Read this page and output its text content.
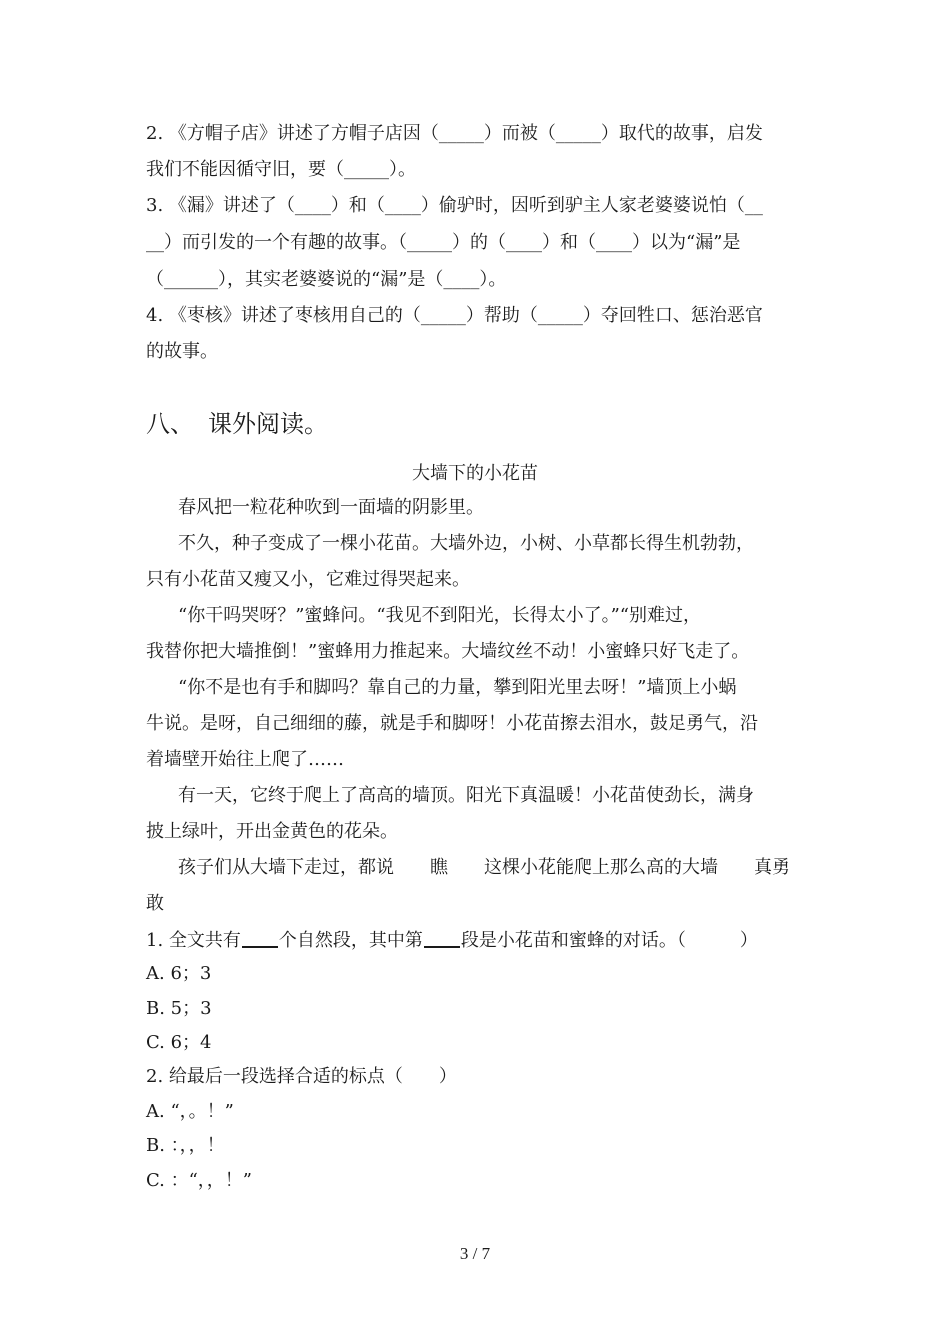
2. 《方帽子店》讲述了方帽子店因（_____）而被（_____）取代的故事，启发
我们不能因循守旧，要（_____）。
3. 《漏》讲述了（____）和（____）偷驴时，因听到驴主人家老婆婆说怕（__
__）而引发的一个有趣的故事。（_____）的（____）和（____）以为“漏”是
（______），其实老婆婆说的“漏”是（____）。
4. 《枣核》讲述了枣核用自己的（_____）帮助（_____）夺回牲口、惩治恶官
的故事。
八、 课外阅读。
大墙下的小花苗
春风把一粒花种吹到一面墙的阴影里。
不久，种子变成了一棵小花苗。大墙外边，小树、小草都长得生机勃勃，
只有小花苗又瘦又小，它难过得哭起来。
“你干吗哭呀？”蜜蜂问。“我见不到阳光，长得太小了。”“别难过，
我替你把大墙推倒！”蜜蜂用力推起来。大墙纹丝不动！小蜜蜂只好飞走了。
“你不是也有手和脚吗？靠自己的力量，攀到阳光里去呀！”墙顶上小蜗
牛说。是呀，自己细细的藤，就是手和脚呀！小花苗擦去泪水，鼓足勇气，沿
着墙壁开始往上爬了……
有一天，它终于爬上了高高的墙顶。阳光下真温暖！小花苗使劲长，满身
披上绿叶，开出金黄色的花朵。
孩子们从大墙下走过，都说　　瞧　　这棵小花能爬上那么高的大墙　　真勇
敢
1. 全文共有 个自然段，其中第 段是小花苗和蜜蜂的对话。（　　　）
A. 6；3
B. 5；3
C. 6；4
2. 给最后一段选择合适的标点（　　）
A. “，。！”
B. ：，，！
C. ：“，，！”
3 / 7
